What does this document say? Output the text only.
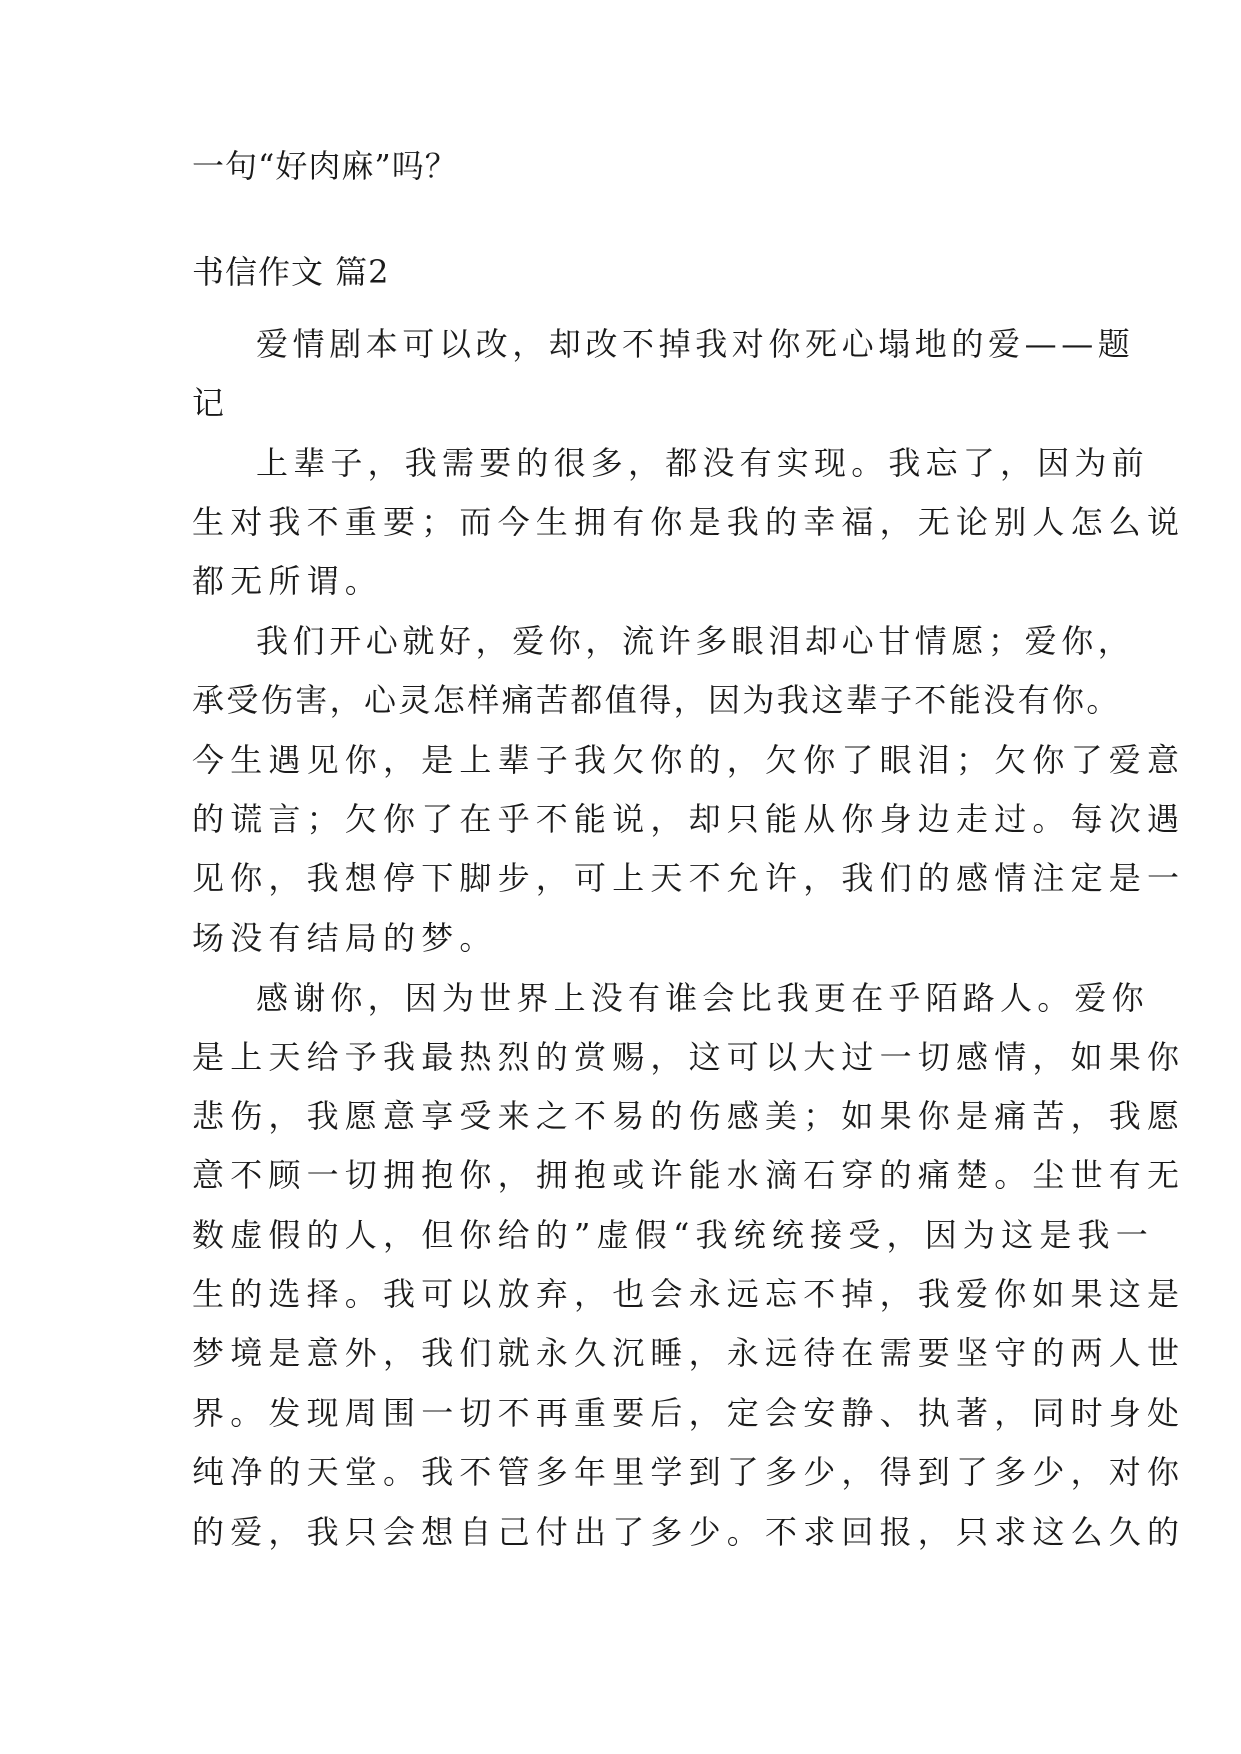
一句“好肉麻”吗？
书信作文 篇2
爱情剧本可以改，却改不掉我对你死心塌地的爱——题
记
上辈子，我需要的很多，都没有实现。我忘了，因为前
生对我不重要；而今生拥有你是我的幸福，无论别人怎么说
都无所谓。
我们开心就好，爱你，流许多眼泪却心甘情愿；爱你，
承受伤害，心灵怎样痛苦都值得，因为我这辈子不能没有你。
今生遇见你，是上辈子我欠你的，欠你了眼泪；欠你了爱意
的谎言；欠你了在乎不能说，却只能从你身边走过。每次遇
见你，我想停下脚步，可上天不允许，我们的感情注定是一
场没有结局的梦。
感谢你，因为世界上没有谁会比我更在乎陌路人。爱你
是上天给予我最热烈的赏赐，这可以大过一切感情，如果你
悲伤，我愿意享受来之不易的伤感美；如果你是痛苦，我愿
意不顾一切拥抱你，拥抱或许能水滴石穿的痛楚。尘世有无
数虚假的人，但你给的”虚假“我统统接受，因为这是我一
生的选择。我可以放弃，也会永远忘不掉，我爱你如果这是
梦境是意外，我们就永久沉睡，永远待在需要坚守的两人世
界。发现周围一切不再重要后，定会安静、执著，同时身处
纯净的天堂。我不管多年里学到了多少，得到了多少，对你
的爱，我只会想自己付出了多少。不求回报，只求这么久的
